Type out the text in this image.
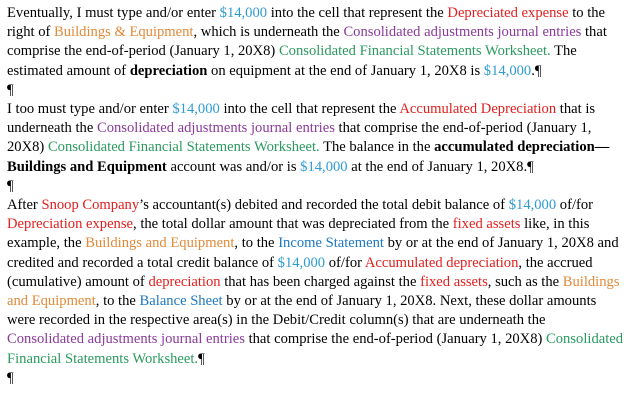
Eventually, I must type and/or enter $14,000 into the cell that represent the Depreciated expense to the right of Buildings & Equipment, which is underneath the Consolidated adjustments journal entries that comprise the end-of-period (January 1, 20X8) Consolidated Financial Statements Worksheet. The estimated amount of depreciation on equipment at the end of January 1, 20X8 is $14,000.¶

¶

I too must type and/or enter $14,000 into the cell that represent the Accumulated Depreciation that is underneath the Consolidated adjustments journal entries that comprise the end-of-period (January 1, 20X8) Consolidated Financial Statements Worksheet. The balance in the accumulated depreciation—Buildings and Equipment account was and/or is $14,000 at the end of January 1, 20X8.¶

¶

After Snoop Company’s accountant(s) debited and recorded the total debit balance of $14,000 of/for Depreciation expense, the total dollar amount that was depreciated from the fixed assets like, in this example, the Buildings and Equipment, to the Income Statement by or at the end of January 1, 20X8 and credited and recorded a total credit balance of $14,000 of/for Accumulated depreciation, the accrued (cumulative) amount of depreciation that has been charged against the fixed assets, such as the Buildings and Equipment, to the Balance Sheet by or at the end of January 1, 20X8. Next, these dollar amounts were recorded in the respective area(s) in the Debit/Credit column(s) that are underneath the Consolidated adjustments journal entries that comprise the end-of-period (January 1, 20X8) Consolidated Financial Statements Worksheet.¶

¶
